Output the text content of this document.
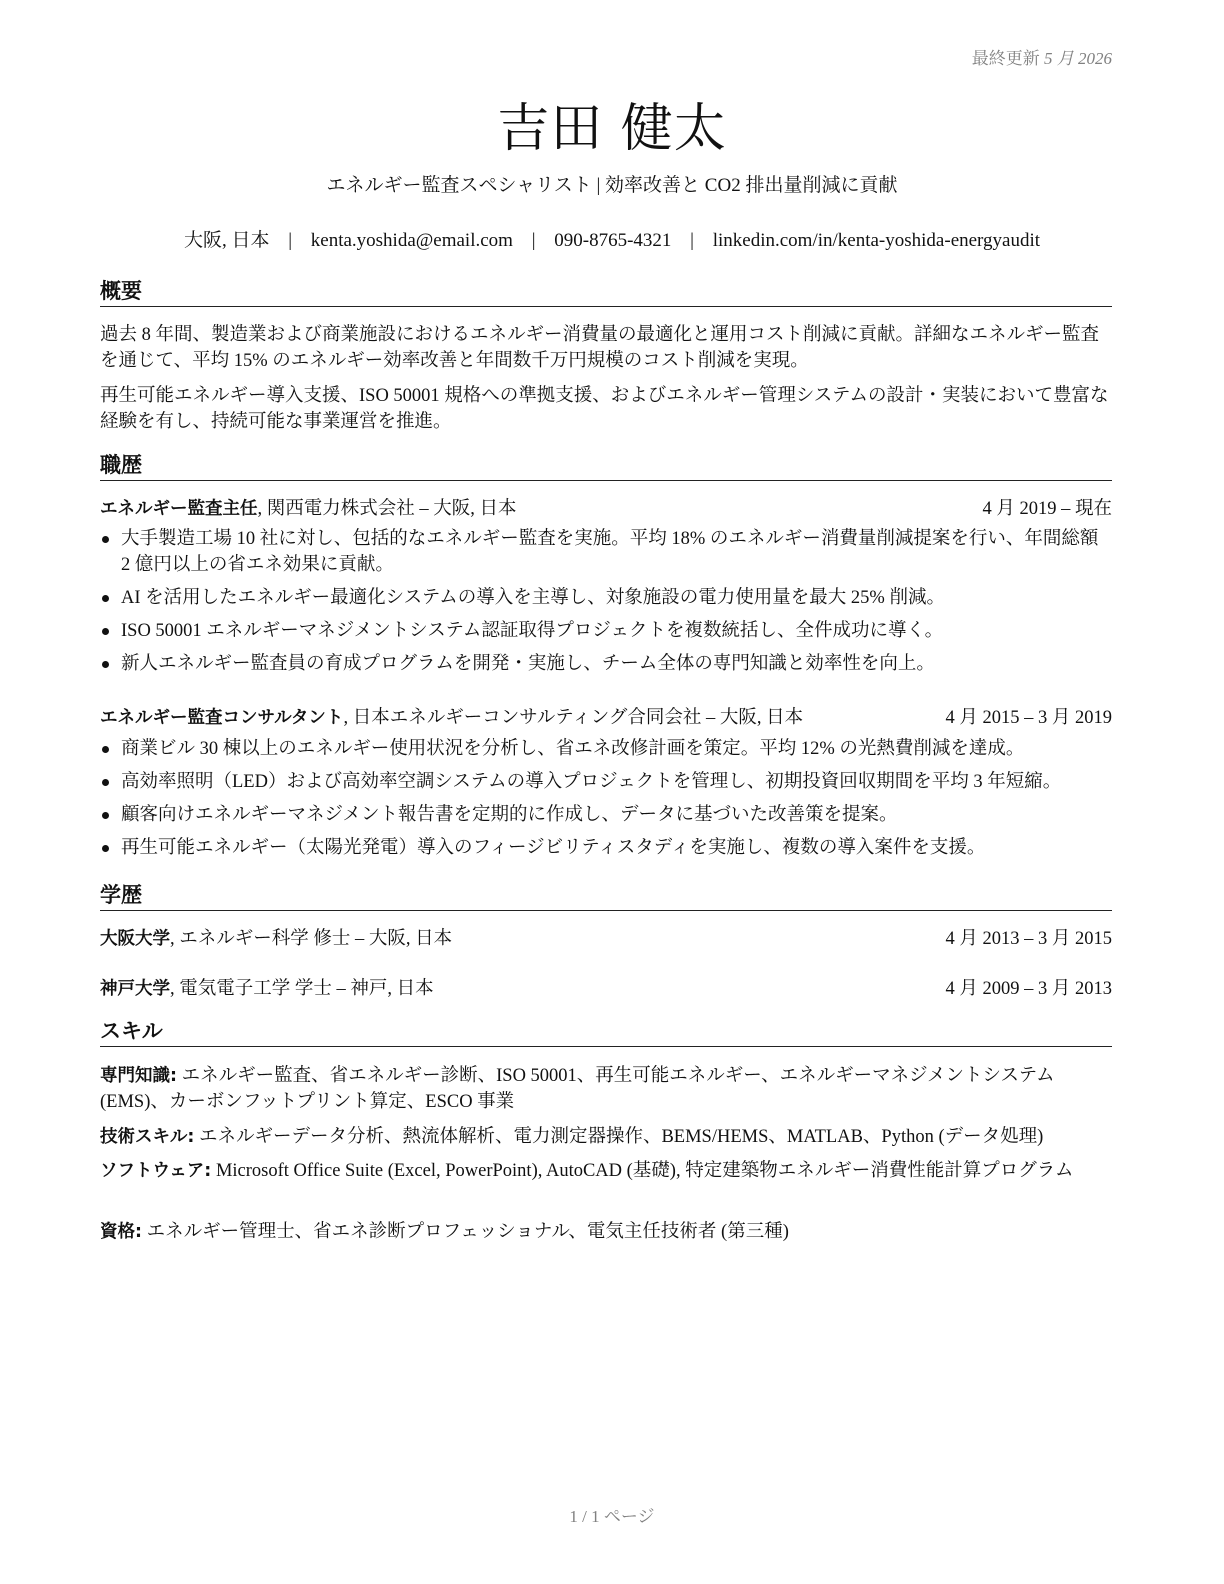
最終更新 5 月 2026
吉田 健太
エネルギー監査スペシャリスト | 効率改善と CO2 排出量削減に貢献
大阪, 日本 | kenta.yoshida@email.com | 090-8765-4321 | linkedin.com/in/kenta-yoshida-energyaudit
概要
過去 8 年間、製造業および商業施設におけるエネルギー消費量の最適化と運用コスト削減に貢献。詳細なエネルギー監査を通じて、平均 15% のエネルギー効率改善と年間数千万円規模のコスト削減を実現。
再生可能エネルギー導入支援、ISO 50001 規格への準拠支援、およびエネルギー管理システムの設計・実装において豊富な経験を有し、持続可能な事業運営を推進。
職歴
エネルギー監査主任, 関西電力株式会社 – 大阪, 日本	4 月 2019 – 現在
大手製造工場 10 社に対し、包括的なエネルギー監査を実施。平均 18% のエネルギー消費量削減提案を行い、年間総額 2 億円以上の省エネ効果に貢献。
AI を活用したエネルギー最適化システムの導入を主導し、対象施設の電力使用量を最大 25% 削減。
ISO 50001 エネルギーマネジメントシステム認証取得プロジェクトを複数統括し、全件成功に導く。
新人エネルギー監査員の育成プログラムを開発・実施し、チーム全体の専門知識と効率性を向上。
エネルギー監査コンサルタント, 日本エネルギーコンサルティング合同会社 – 大阪, 日本	4 月 2015 – 3 月 2019
商業ビル 30 棟以上のエネルギー使用状況を分析し、省エネ改修計画を策定。平均 12% の光熱費削減を達成。
高効率照明（LED）および高効率空調システムの導入プロジェクトを管理し、初期投資回収期間を平均 3 年短縮。
顧客向けエネルギーマネジメント報告書を定期的に作成し、データに基づいた改善策を提案。
再生可能エネルギー（太陽光発電）導入のフィージビリティスタディを実施し、複数の導入案件を支援。
学歴
大阪大学, エネルギー科学 修士 – 大阪, 日本	4 月 2013 – 3 月 2015
神戸大学, 電気電子工学 学士 – 神戸, 日本	4 月 2009 – 3 月 2013
スキル
専門知識: エネルギー監査、省エネルギー診断、ISO 50001、再生可能エネルギー、エネルギーマネジメントシステム (EMS)、カーボンフットプリント算定、ESCO 事業
技術スキル: エネルギーデータ分析、熱流体解析、電力測定器操作、BEMS/HEMS、MATLAB、Python (データ処理)
ソフトウェア: Microsoft Office Suite (Excel, PowerPoint), AutoCAD (基礎), 特定建築物エネルギー消費性能計算プログラム
資格: エネルギー管理士、省エネ診断プロフェッショナル、電気主任技術者 (第三種)
1 / 1 ページ
